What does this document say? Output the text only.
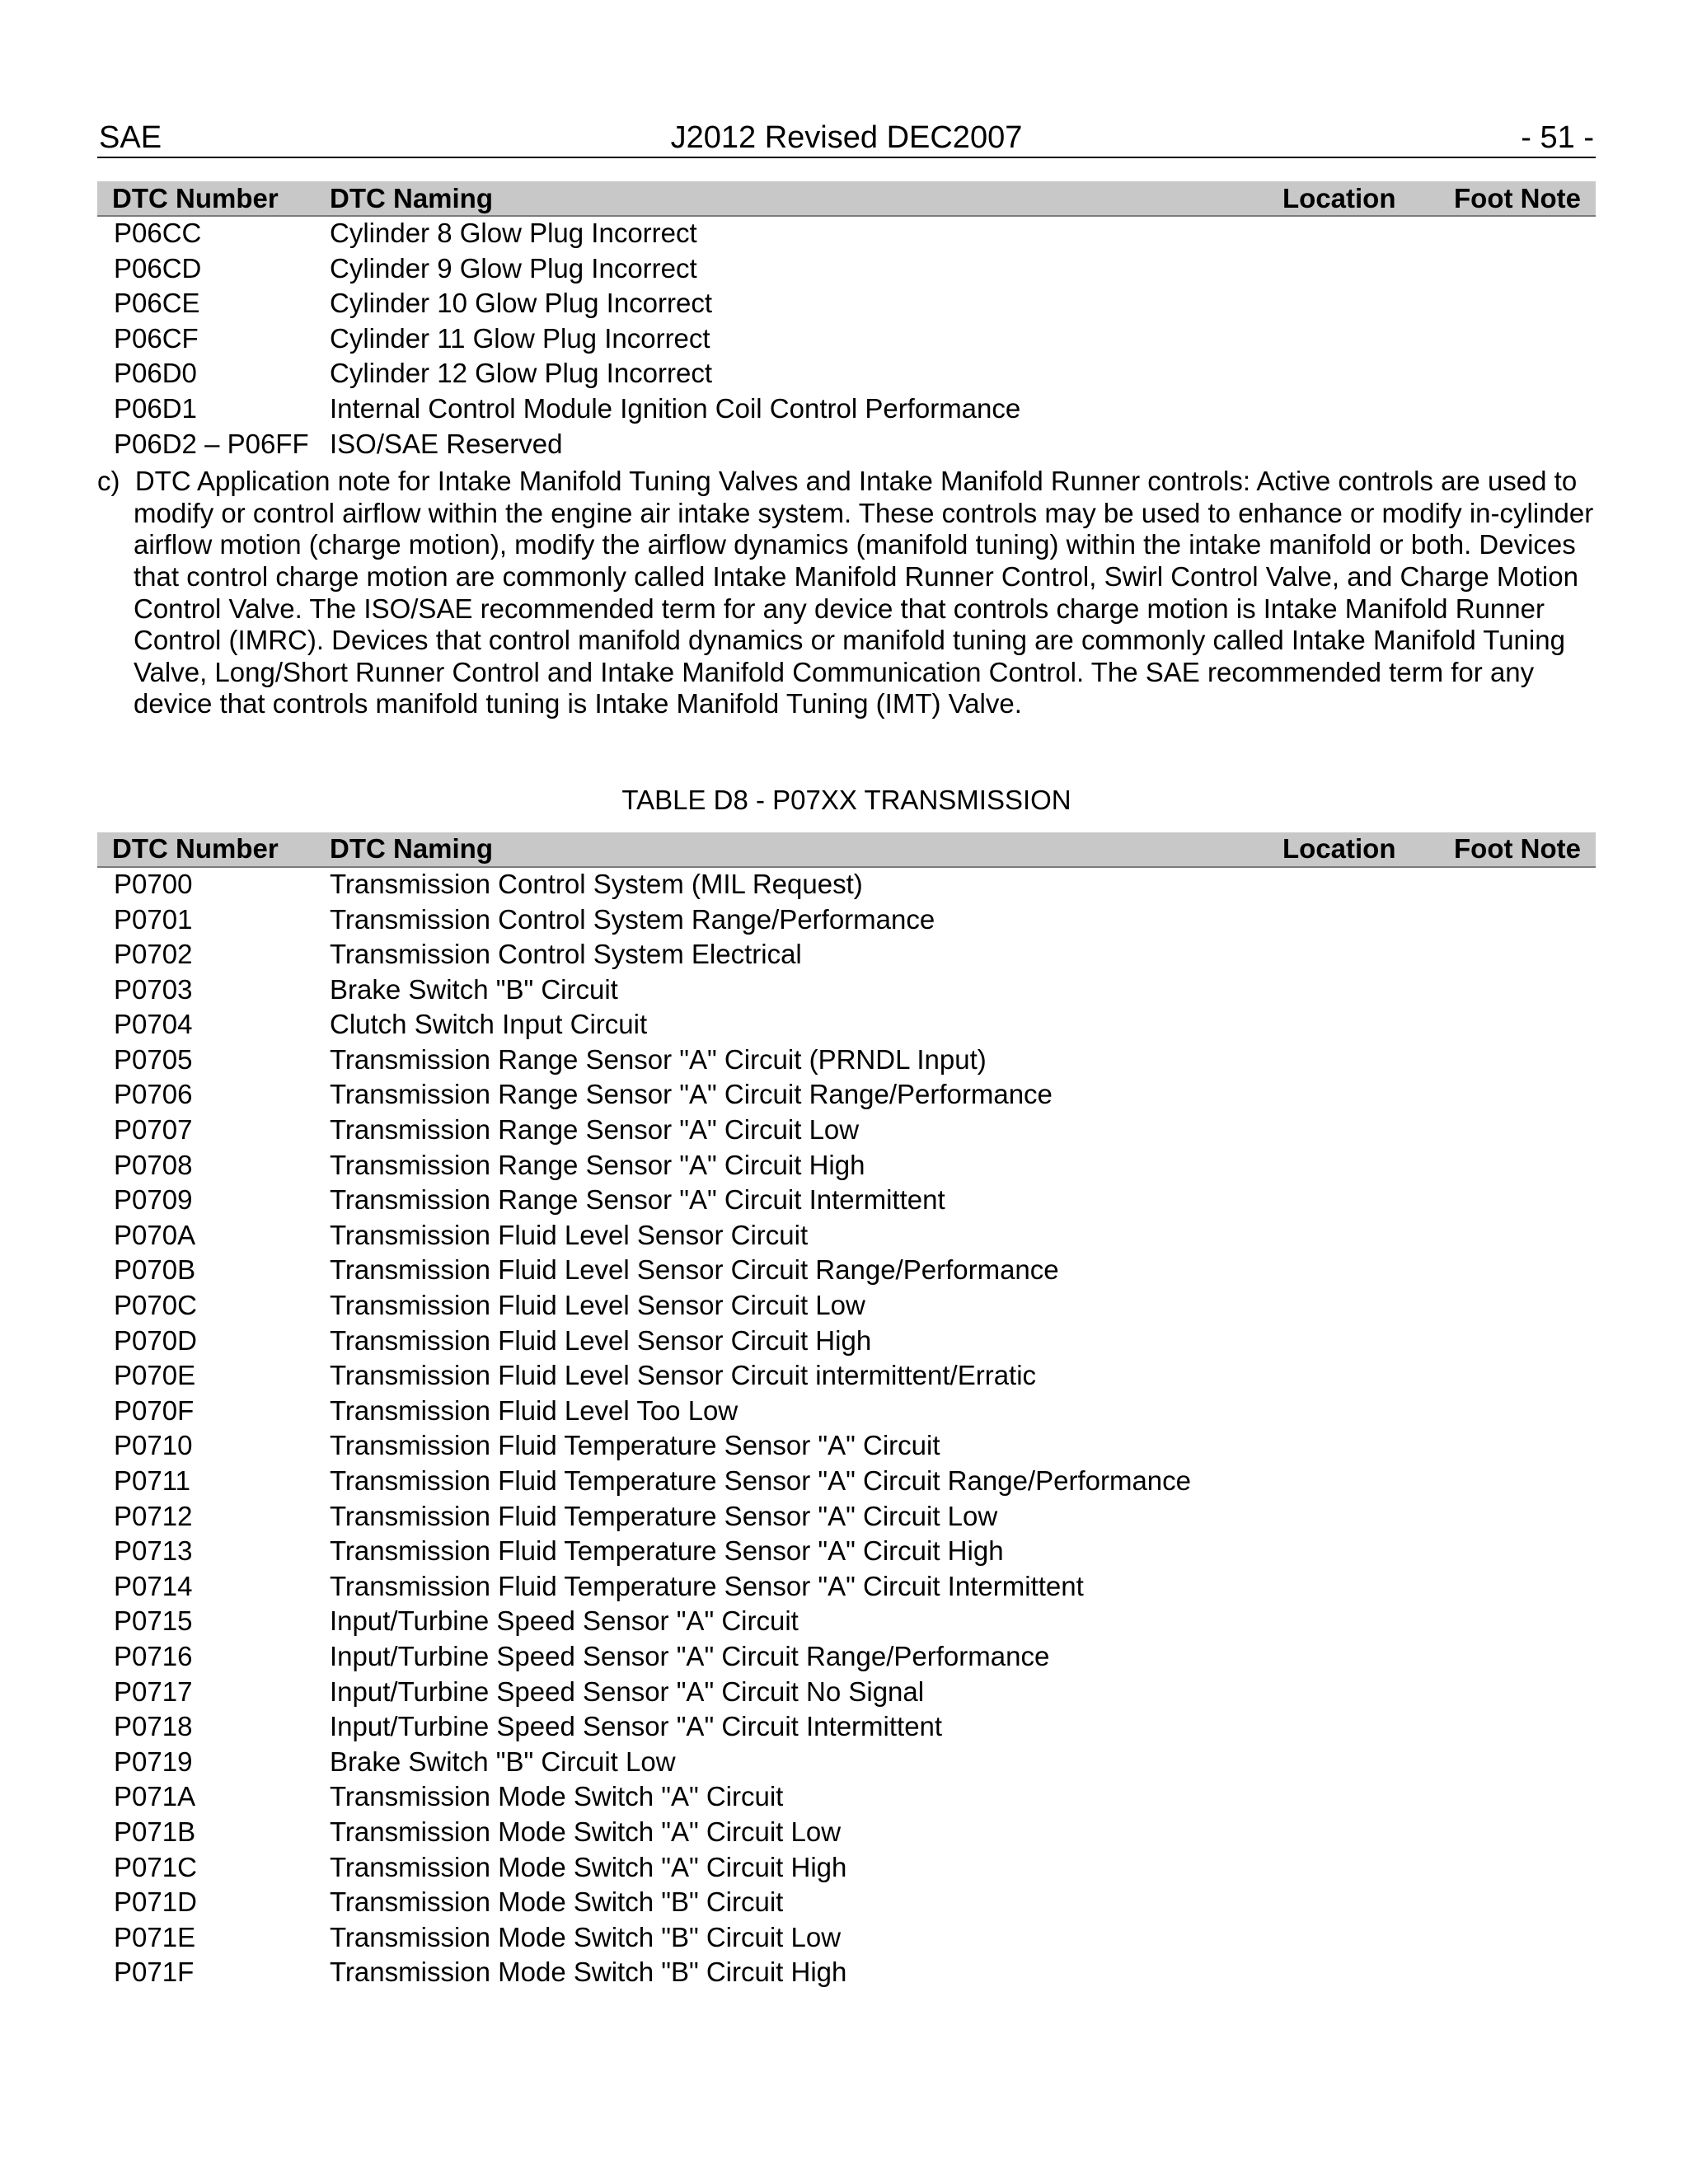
SAE	J2012 Revised DEC2007	- 51 -
DTC Number	DTC Naming	Location	Foot Note
P06CC	Cylinder 8 Glow Plug Incorrect		
P06CD	Cylinder 9 Glow Plug Incorrect		
P06CE	Cylinder 10 Glow Plug Incorrect		
P06CF	Cylinder 11 Glow Plug Incorrect		
P06D0	Cylinder 12 Glow Plug Incorrect		
P06D1	Internal Control Module Ignition Coil Control Performance		
P06D2 – P06FF	ISO/SAE Reserved		
c) DTC Application note for Intake Manifold Tuning Valves and Intake Manifold Runner controls: Active controls are used to modify or control airflow within the engine air intake system. These controls may be used to enhance or modify in-cylinder airflow motion (charge motion), modify the airflow dynamics (manifold tuning) within the intake manifold or both. Devices that control charge motion are commonly called Intake Manifold Runner Control, Swirl Control Valve, and Charge Motion Control Valve. The ISO/SAE recommended term for any device that controls charge motion is Intake Manifold Runner Control (IMRC). Devices that control manifold dynamics or manifold tuning are commonly called Intake Manifold Tuning Valve, Long/Short Runner Control and Intake Manifold Communication Control. The SAE recommended term for any device that controls manifold tuning is Intake Manifold Tuning (IMT) Valve.
TABLE D8 - P07XX TRANSMISSION
DTC Number	DTC Naming	Location	Foot Note
P0700	Transmission Control System (MIL Request)		
P0701	Transmission Control System Range/Performance		
P0702	Transmission Control System Electrical		
P0703	Brake Switch "B" Circuit		
P0704	Clutch Switch Input Circuit		
P0705	Transmission Range Sensor "A" Circuit (PRNDL Input)		
P0706	Transmission Range Sensor "A" Circuit Range/Performance		
P0707	Transmission Range Sensor "A" Circuit Low		
P0708	Transmission Range Sensor "A" Circuit High		
P0709	Transmission Range Sensor "A" Circuit Intermittent		
P070A	Transmission Fluid Level Sensor Circuit		
P070B	Transmission Fluid Level Sensor Circuit Range/Performance		
P070C	Transmission Fluid Level Sensor Circuit Low		
P070D	Transmission Fluid Level Sensor Circuit High		
P070E	Transmission Fluid Level Sensor Circuit intermittent/Erratic		
P070F	Transmission Fluid Level Too Low		
P0710	Transmission Fluid Temperature Sensor "A" Circuit		
P0711	Transmission Fluid Temperature Sensor "A" Circuit Range/Performance		
P0712	Transmission Fluid Temperature Sensor "A" Circuit Low		
P0713	Transmission Fluid Temperature Sensor "A" Circuit High		
P0714	Transmission Fluid Temperature Sensor "A" Circuit Intermittent		
P0715	Input/Turbine Speed Sensor "A" Circuit		
P0716	Input/Turbine Speed Sensor "A" Circuit Range/Performance		
P0717	Input/Turbine Speed Sensor "A" Circuit No Signal		
P0718	Input/Turbine Speed Sensor "A" Circuit Intermittent		
P0719	Brake Switch "B" Circuit Low		
P071A	Transmission Mode Switch "A" Circuit		
P071B	Transmission Mode Switch "A" Circuit Low		
P071C	Transmission Mode Switch "A" Circuit High		
P071D	Transmission Mode Switch "B" Circuit		
P071E	Transmission Mode Switch "B" Circuit Low		
P071F	Transmission Mode Switch "B" Circuit High		
